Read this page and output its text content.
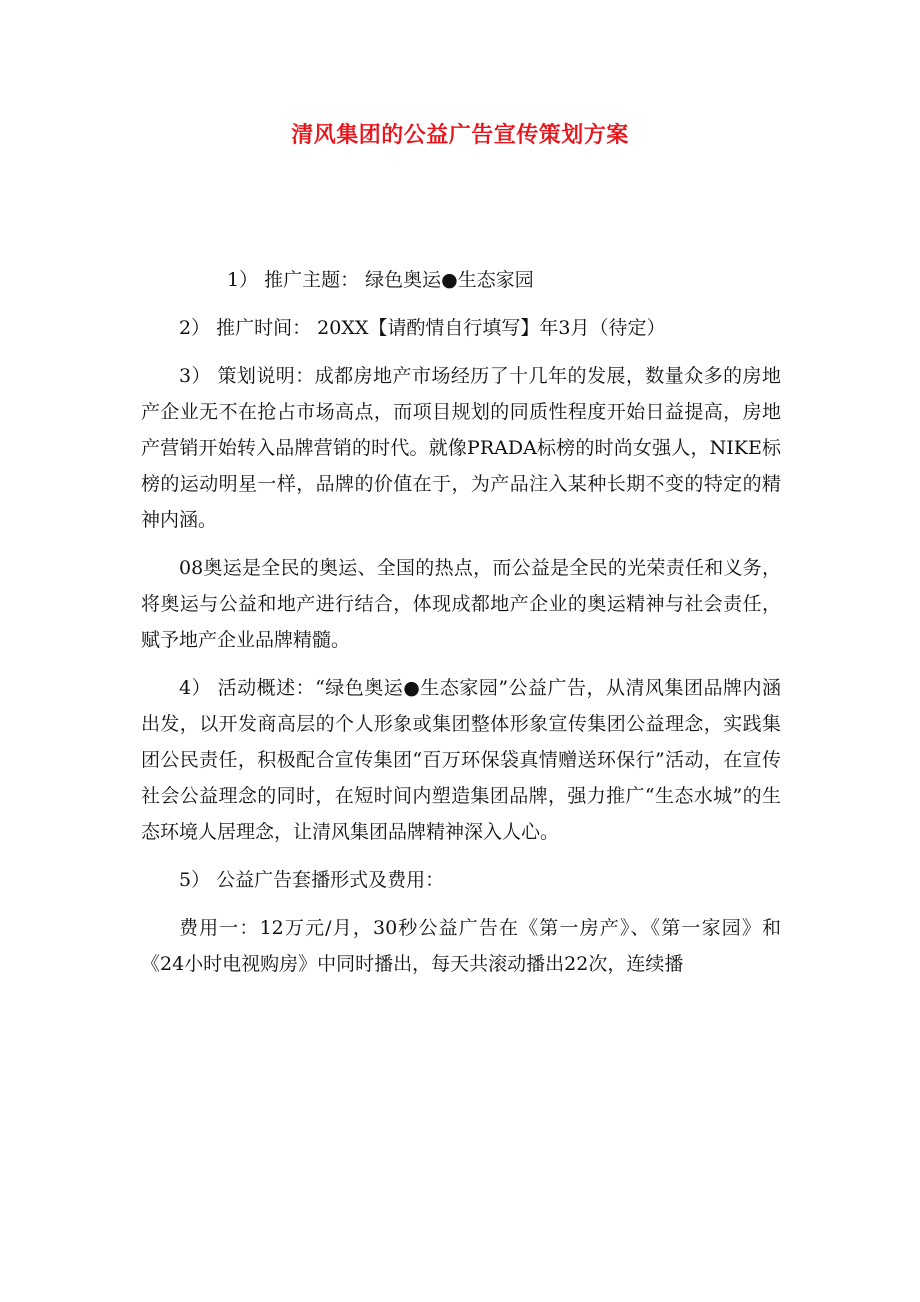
清风集团的公益广告宣传策划方案

1） 推广主题： 绿色奥运●生态家园

2） 推广时间： 20XX【请酌情自行填写】年3月（待定）

3） 策划说明：成都房地产市场经历了十几年的发展，数量众多的房地产企业无不在抢占市场高点，而项目规划的同质性程度开始日益提高，房地产营销开始转入品牌营销的时代。就像PRADA标榜的时尚女强人，NIKE标榜的运动明星一样，品牌的价值在于，为产品注入某种长期不变的特定的精神内涵。

08奥运是全民的奥运、全国的热点，而公益是全民的光荣责任和义务，将奥运与公益和地产进行结合，体现成都地产企业的奥运精神与社会责任，赋予地产企业品牌精髓。

4） 活动概述：“绿色奥运●生态家园”公益广告，从清风集团品牌内涵出发，以开发商高层的个人形象或集团整体形象宣传集团公益理念，实践集团公民责任，积极配合宣传集团“百万环保袋真情赠送环保行”活动，在宣传社会公益理念的同时，在短时间内塑造集团品牌，强力推广“生态水城”的生态环境人居理念，让清风集团品牌精神深入人心。

5） 公益广告套播形式及费用：

费用一：12万元/月，30秒公益广告在《第一房产》、《第一家园》和《24小时电视购房》中同时播出，每天共滚动播出22次，连续播
